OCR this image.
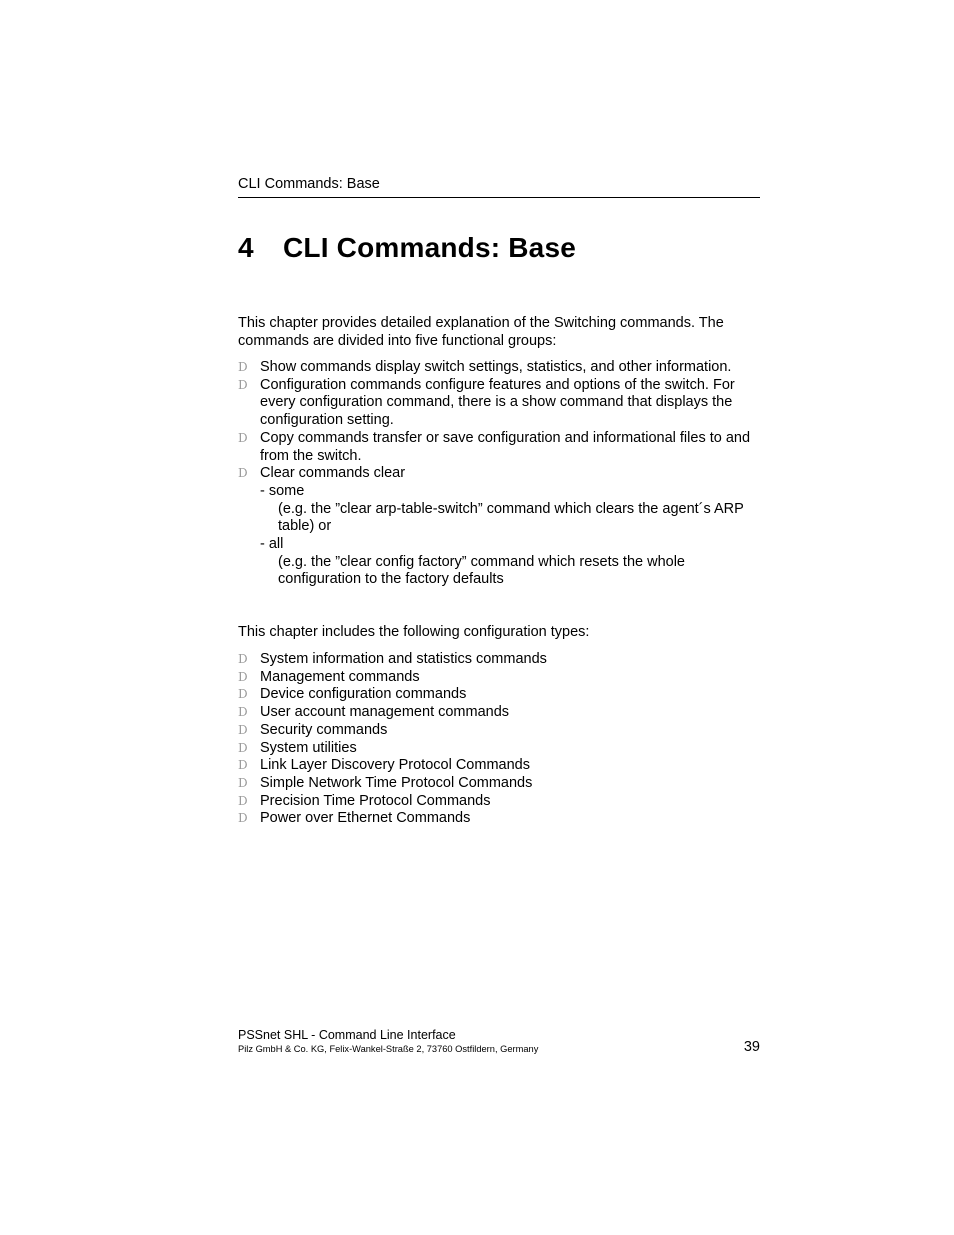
CLI Commands: Base
4 CLI Commands: Base

This chapter provides detailed explanation of the Switching commands. The commands are divided into five functional groups:

D Show commands display switch settings, statistics, and other information.
D Configuration commands configure features and options of the switch. For every configuration command, there is a show command that displays the configuration setting.
D Copy commands transfer or save configuration and informational files to and from the switch.
D Clear commands clear
- some
(e.g. the ”clear arp-table-switch” command which clears the agent´s ARP table) or
- all
(e.g. the ”clear config factory” command which resets the whole configuration to the factory defaults

This chapter includes the following configuration types:

D System information and statistics commands
D Management commands
D Device configuration commands
D User account management commands
D Security commands
D System utilities
D Link Layer Discovery Protocol Commands
D Simple Network Time Protocol Commands
D Precision Time Protocol Commands
D Power over Ethernet Commands
PSSnet SHL - Command Line Interface
Pilz GmbH & Co. KG, Felix-Wankel-Straße 2, 73760 Ostfildern, Germany	39
